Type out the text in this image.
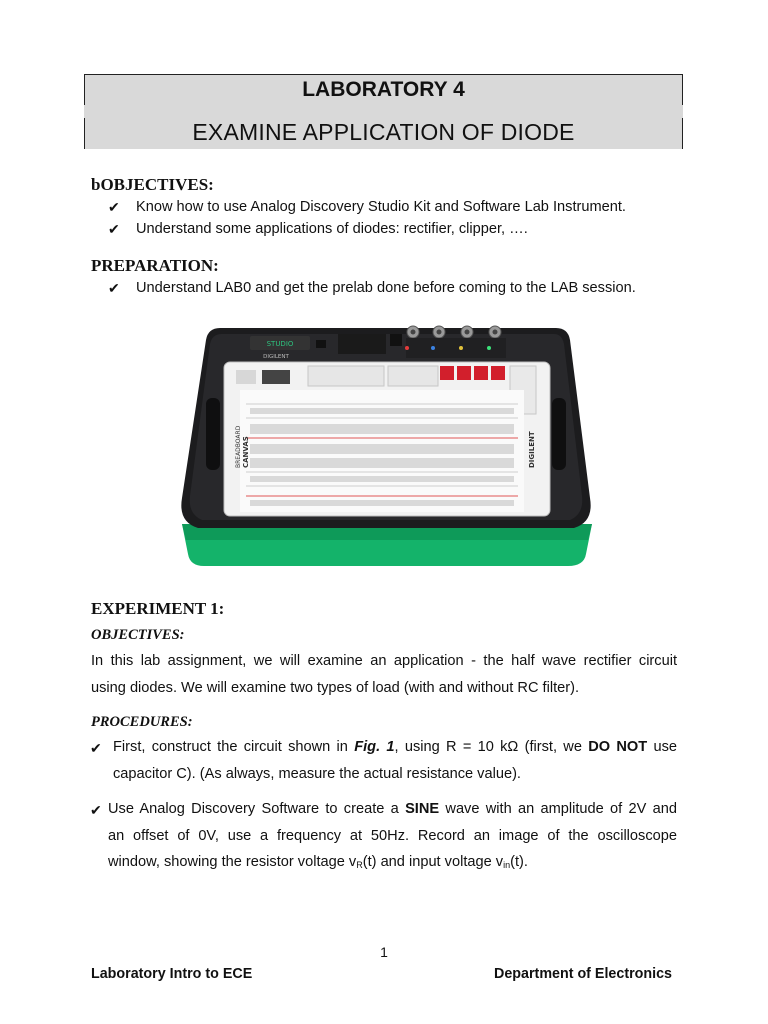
LABORATORY 4
EXAMINE APPLICATION OF DIODE
bOBJECTIVES:
✔ Know how to use Analog Discovery Studio Kit and Software Lab Instrument.
✔ Understand some applications of diodes: rectifier, clipper, ….
PREPARATION:
✔ Understand LAB0 and get the prelab done before coming to the LAB session.
STUDIO
DIGILENT
BREADBOARD CANVAS	DIGILENT
EXPERIMENT 1:
OBJECTIVES:
In this lab assignment, we will examine an application - the half wave rectifier circuit
using diodes. We will examine two types of load (with and without RC filter).
PROCEDURES:
✔ First, construct the circuit shown in Fig. 1, using R = 10 kΩ (first, we DO NOT use
capacitor C). (As always, measure the actual resistance value).
✔ Use Analog Discovery Software to create a SINE wave with an amplitude of 2V and
an offset of 0V, use a frequency at 50Hz. Record an image of the oscilloscope
window, showing the resistor voltage $v_R(t)$ and input voltage $v_{in}(t)$.
1
Laboratory Intro to ECE	Department of Electronics
